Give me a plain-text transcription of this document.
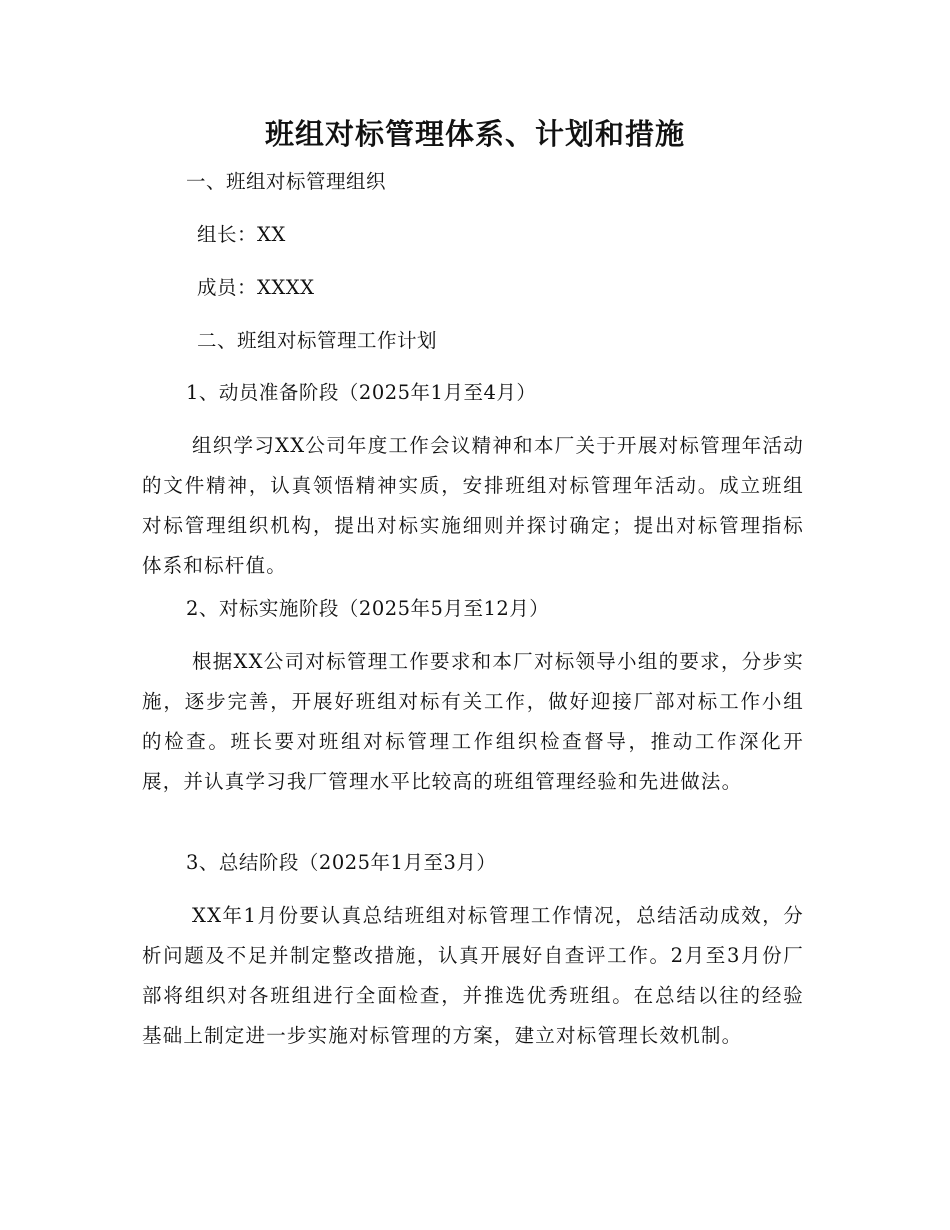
班组对标管理体系、计划和措施
一、班组对标管理组织
组长：XX
成员：XXXX
二、班组对标管理工作计划
1、动员准备阶段（2025年1月至4月）
组织学习XX公司年度工作会议精神和本厂关于开展对标管理年活动的文件精神，认真领悟精神实质，安排班组对标管理年活动。成立班组对标管理组织机构，提出对标实施细则并探讨确定；提出对标管理指标体系和标杆值。
2、对标实施阶段（2025年5月至12月）
根据XX公司对标管理工作要求和本厂对标领导小组的要求，分步实施，逐步完善，开展好班组对标有关工作，做好迎接厂部对标工作小组的检查。班长要对班组对标管理工作组织检查督导，推动工作深化开展，并认真学习我厂管理水平比较高的班组管理经验和先进做法。
3、总结阶段（2025年1月至3月）
XX年1月份要认真总结班组对标管理工作情况，总结活动成效，分析问题及不足并制定整改措施，认真开展好自查评工作。2月至3月份厂部将组织对各班组进行全面检查，并推选优秀班组。在总结以往的经验基础上制定进一步实施对标管理的方案，建立对标管理长效机制。
